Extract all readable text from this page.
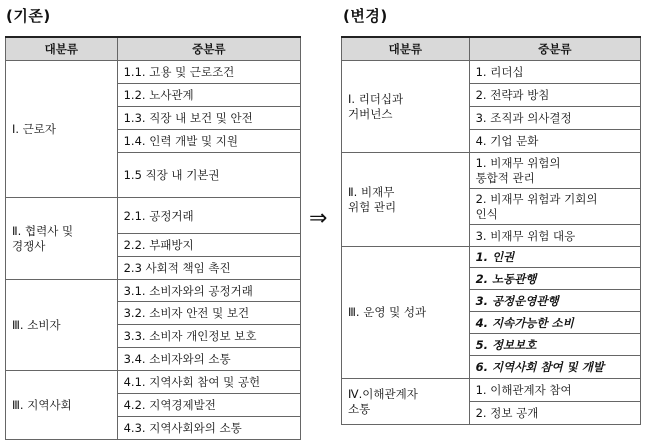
(기존)	(변경)
대분류	중분류
Ⅰ. 근로자	1.1. 고용 및 근로조건
	1.2. 노사관계
	1.3. 직장 내 보건 및 안전
	1.4. 인력 개발 및 지원
	1.5 직장 내 기본권
Ⅱ. 협력사 및
경쟁사	2.1. 공정거래
	2.2. 부패방지
	2.3 사회적 책임 촉진
Ⅲ. 소비자	3.1. 소비자와의 공정거래
	3.2. 소비자 안전 및 보건
	3.3. 소비자 개인정보 보호
	3.4. 소비자와의 소통
Ⅲ. 지역사회	4.1. 지역사회 참여 및 공헌
	4.2. 지역경제발전
	4.3. 지역사회와의 소통
⇒
대분류	중분류
Ⅰ. 리더십과
거버넌스	1. 리더십
	2. 전략과 방침
	3. 조직과 의사결정
	4. 기업 문화
Ⅱ. 비재무
위험 관리	1. 비재무 위험의
통합적 관리
	2. 비재무 위험과 기회의
인식
	3. 비재무 위험 대응
Ⅲ. 운영 및 성과	1. 인권
	2. 노동관행
	3. 공정운영관행
	4. 지속가능한 소비
	5. 정보보호
	6. 지역사회 참여 및 개발
Ⅳ.이해관계자
소통	1. 이해관계자 참여
	2. 정보 공개
